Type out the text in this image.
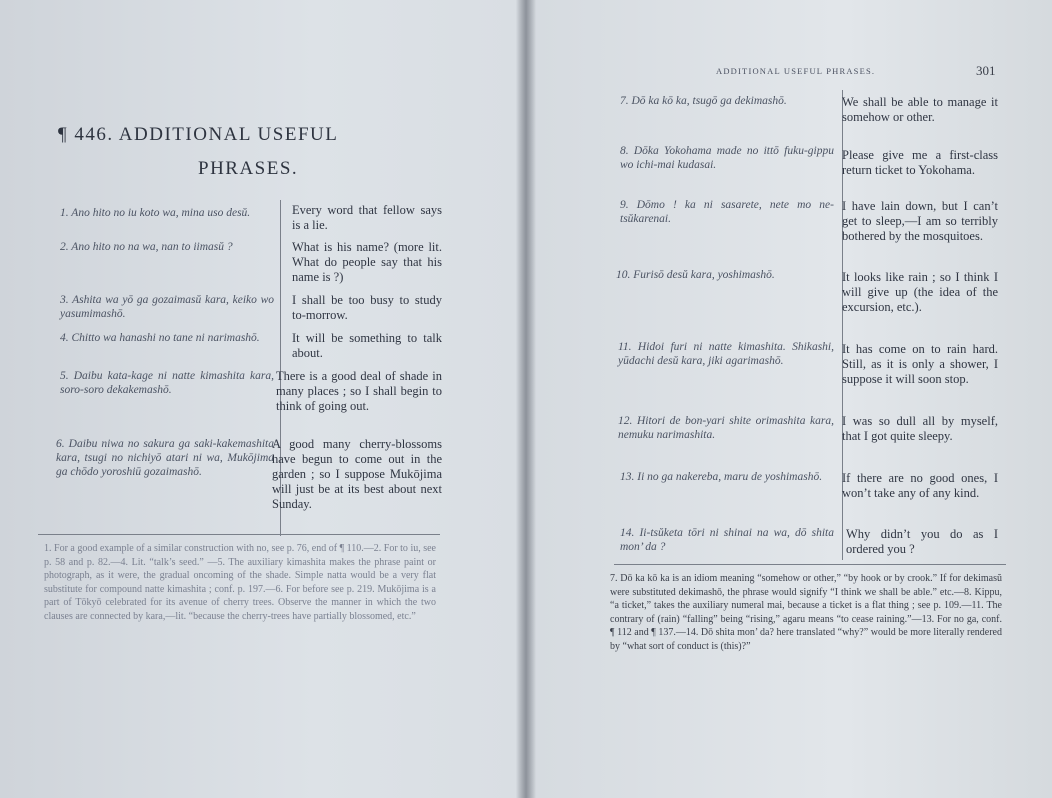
¶ 446. ADDITIONAL USEFUL
PHRASES.
1. Ano hito no iu koto wa, mina uso desŭ.	Every word that fellow says is a lie.
2. Ano hito no na wa, nan to iimasŭ ?	What is his name? (more lit. What do people say that his name is ?)
3. Ashita wa yō ga gozaimasŭ kara, keiko wo yasumimashō.
I shall be too busy to study to-morrow.
4. Chitto wa hanashi no tane ni narimashō.	It will be something to talk about.
5. Daibu kata-kage ni natte kimashita kara, soro-soro dekakemashō.
There is a good deal of shade in many places ; so I shall begin to think of going out.
6. Daibu niwa no sakura ga saki-kakemashita kara, tsugi no nichiyō atari ni wa, Mukōjima ga chōdo yoroshiū gozaimashō.
A good many cherry-blossoms have begun to come out in the garden ; so I suppose Mukōjima will just be at its best about next Sunday.
1. For a good example of a similar construction with no, see p. 76, end of ¶ 110.—2. For to iu, see p. 58 and p. 82.—4. Lit. “talk’s seed.” —5. The auxiliary kimashita makes the phrase paint or photograph, as it were, the gradual oncoming of the shade. Simple natta would be a very flat substitute for compound natte kimashita ; conf. p. 197.—6. For before see p. 219. Mukōjima is a part of Tōkyō celebrated for its avenue of cherry trees. Observe the manner in which the two clauses are connected by kara,—lit. “because the cherry-trees have partially blossomed, etc.”
ADDITIONAL USEFUL PHRASES.	301
7. Dō ka kō ka, tsugō ga dekimashō.	We shall be able to manage it somehow or other.
8. Dōka Yokohama made no ittō fuku-gippu wo ichi-mai kudasai.
Please give me a first-class return ticket to Yokohama.
9. Dōmo ! ka ni sasarete, nete mo ne-tsŭkarenai.
I have lain down, but I can’t get to sleep,—I am so terribly bothered by the mosquitoes.
10. Furisō desŭ kara, yoshimashō.	It looks like rain ; so I think I will give up (the idea of the excursion, etc.).
11. Hidoi furi ni natte kimashita. Shikashi, yūdachi desŭ kara, jiki agarimashō.
It has come on to rain hard. Still, as it is only a shower, I suppose it will soon stop.
12. Hitori de bon-yari shite orimashita kara, nemuku narimashita.
I was so dull all by myself, that I got quite sleepy.
13. Ii no ga nakereba, maru de yoshimashō.	If there are no good ones, I won’t take any of any kind.
14. Ii-tsŭketa tōri ni shinai na wa, dō shita mon’ da ?
Why didn’t you do as I ordered you ?
7. Dō ka kō ka is an idiom meaning “somehow or other,” “by hook or by crook.” If for dekimasŭ were substituted dekimashō, the phrase would signify “I think we shall be able.” etc.—8. Kippu, “a ticket,” takes the auxiliary numeral mai, because a ticket is a flat thing ; see p. 109.—11. The contrary of (rain) “falling” being “rising,” agaru means “to cease raining.”—13. For no ga, conf. ¶ 112 and ¶ 137.—14. Dō shita mon’ da? here translated “why?” would be more literally rendered by “what sort of conduct is (this)?”
